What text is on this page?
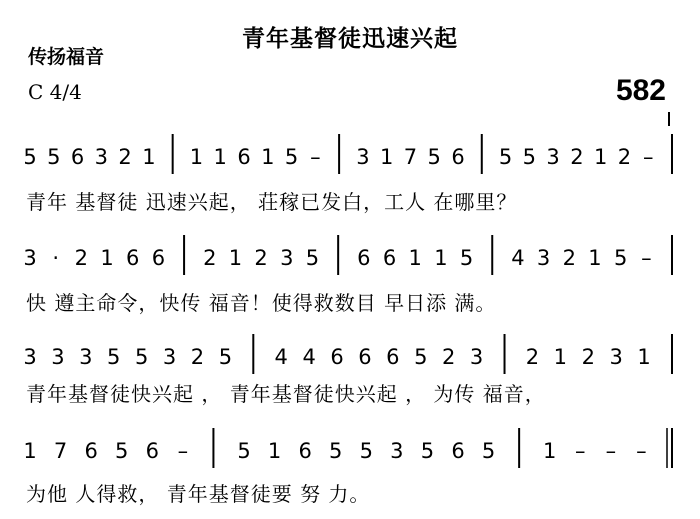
青年基督徒迅速兴起
传扬福音
C 4/4	582
5 5 6 3 2 1 1 1 6 1 5 – 3 1 7 5 6 5 5 3 2 1 2 –
青年 基督徒 迅速兴起， 荘稼已发白，工人 在哪里？
3 · 2 1 6 6 2 1 2 3 5 6 6 1 1 5 4 3 2 1 5 –
快 遵主命令，快传 福音！使得救数目 早日添 满。
3 3 3 5 5 3 2 5 4 4 6 6 6 5 2 3 2 1 2 3 1
青年基督徒快兴起 ， 青年基督徒快兴起 ， 为传 福音，
1 7 6 5 6 – 5 1 6 5 5 3 5 6 5 1 – – –
为他 人得救， 青年基督徒要 努 力。
